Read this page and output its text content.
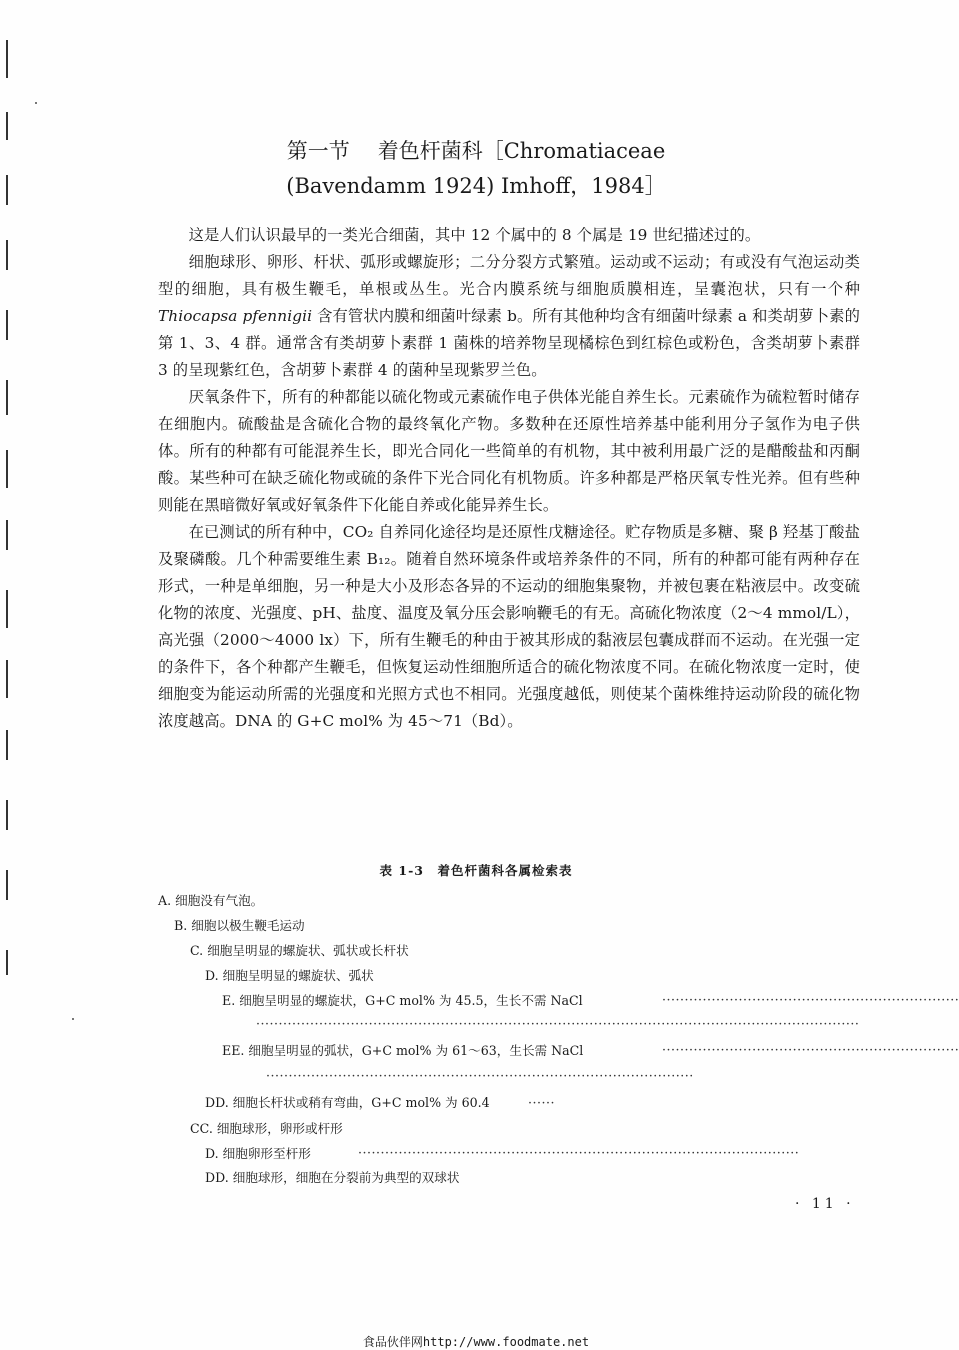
第一节 着色杆菌科［Chromatiaceae
(Bavendamm 1924) Imhoff，1984］

这是人们认识最早的一类光合细菌，其中 12 个属中的 8 个属是 19 世纪描述过的。

细胞球形、卵形、杆状、弧形或螺旋形；二分分裂方式繁殖。运动或不运动；有或没有气泡运动类型的细胞，具有极生鞭毛，单根或丛生。光合内膜系统与细胞质膜相连，呈囊泡状，只有一个种 Thiocapsa pfennigii 含有管状内膜和细菌叶绿素 b。所有其他种均含有细菌叶绿素 a 和类胡萝卜素的第 1、3、4 群。通常含有类胡萝卜素群 1 菌株的培养物呈现橘棕色到红棕色或粉色，含类胡萝卜素群 3 的呈现紫红色，含胡萝卜素群 4 的菌种呈现紫罗兰色。

厌氧条件下，所有的种都能以硫化物或元素硫作电子供体光能自养生长。元素硫作为硫粒暂时储存在细胞内。硫酸盐是含硫化合物的最终氧化产物。多数种在还原性培养基中能利用分子氢作为电子供体。所有的种都有可能混养生长，即光合同化一些简单的有机物，其中被利用最广泛的是醋酸盐和丙酮酸。某些种可在缺乏硫化物或硫的条件下光合同化有机物质。许多种都是严格厌氧专性光养。但有些种则能在黑暗微好氧或好氧条件下化能自养或化能异养生长。

在已测试的所有种中，CO₂ 自养同化途径均是还原性戊糖途径。贮存物质是多糖、聚 β 羟基丁酸盐及聚磷酸。几个种需要维生素 B₁₂。随着自然环境条件或培养条件的不同，所有的种都可能有两种存在形式，一种是单细胞，另一种是大小及形态各异的不运动的细胞集聚物，并被包裹在粘液层中。改变硫化物的浓度、光强度、pH、盐度、温度及氧分压会影响鞭毛的有无。高硫化物浓度（2～4 mmol/L），高光强（2000～4000 lx）下，所有生鞭毛的种由于被其形成的黏液层包囊成群而不运动。在光强一定的条件下，各个种都产生鞭毛，但恢复运动性细胞所适合的硫化物浓度不同。在硫化物浓度一定时，使细胞变为能运动所需的光强度和光照方式也不相同。光强度越低，则使某个菌株维持运动阶段的硫化物浓度越高。DNA 的 G+C mol% 为 45～71（Bd）。

表 1-3　着色杆菌科各属检索表
A. 细胞没有气泡。
B. 细胞以极生鞭毛运动
C. 细胞呈明显的螺旋状、弧状或长杆状
D. 细胞呈明显的螺旋状、弧状
E. 细胞呈明显的螺旋状，G+C mol% 为 45.5，生长不需 NaCl	··································································
······································································································································
EE. 细胞呈明显的弧状，G+C mol% 为 61～63，生长需 NaCl	··································································
·······························································································
DD. 细胞长杆状或稍有弯曲，G+C mol% 为 60.4	······
CC. 细胞球形，卵形或杆形
D. 细胞卵形至杆形	··································································································
DD. 细胞球形，细胞在分裂前为典型的双球状
· 11 ·
食品伙伴网http://www.foodmate.net
